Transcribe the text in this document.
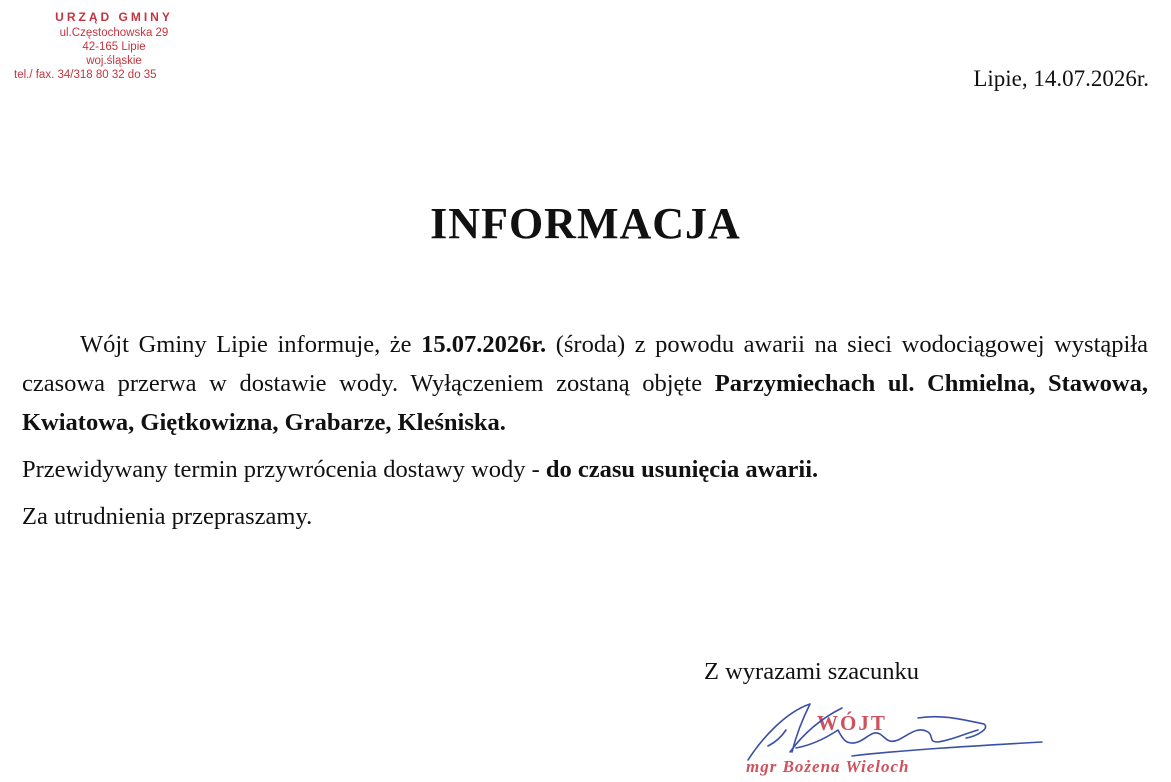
URZĄD GMINY
ul.Częstochowska 29
42-165 Lipie
woj.śląskie
tel./ fax. 34/318 80 32 do 35	Lipie, 14.07.2026r.
INFORMACJA

Wójt Gminy Lipie informuje, że 15.07.2026r. (środa) z powodu awarii na sieci wodociągowej wystąpiła czasowa przerwa w dostawie wody. Wyłączeniem zostaną objęte Parzymiechach ul. Chmielna, Stawowa, Kwiatowa, Giętkowizna, Grabarze, Kleśniska.

Przewidywany termin przywrócenia dostawy wody - do czasu usunięcia awarii.

Za utrudnienia przepraszamy.

Z wyrazami szacunku
WÓJT
mgr Bożena Wieloch
